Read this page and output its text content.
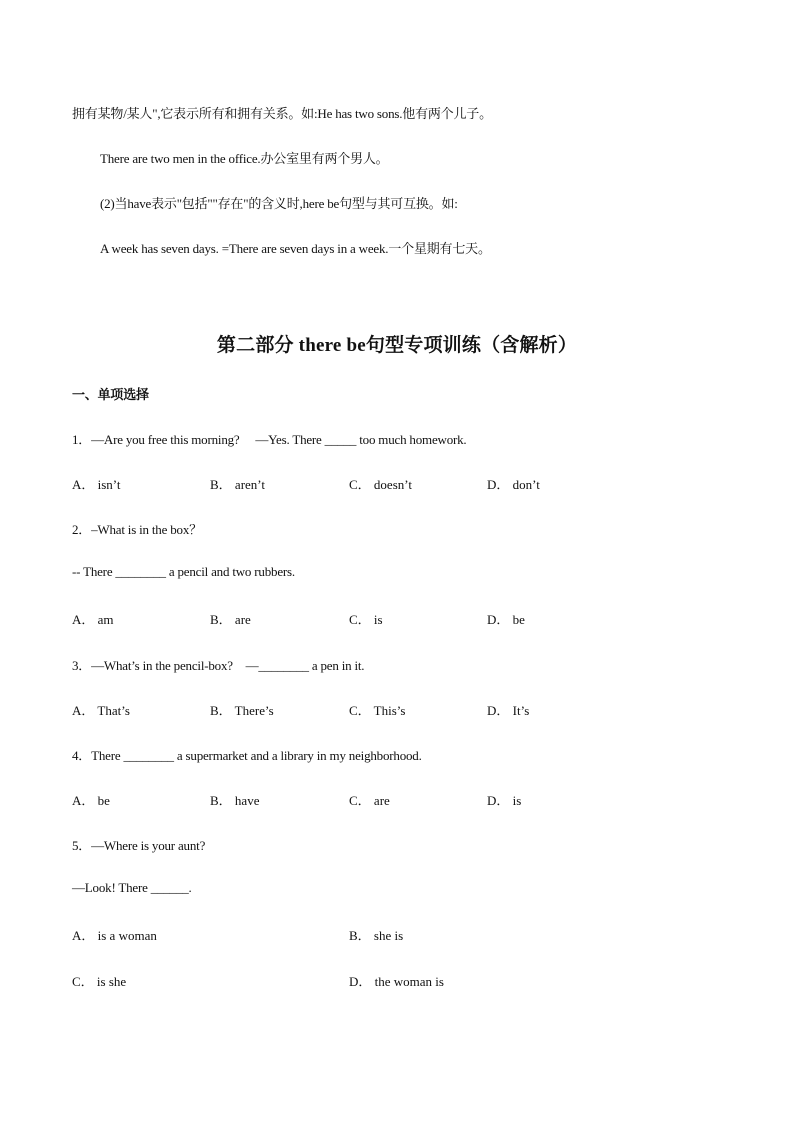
拥有某物/某人",它表示所有和拥有关系。如:He has two sons.他有两个儿子。
There are two men in the office.办公室里有两个男人。
(2)当have表示"包括""存在"的含义时,here be句型与其可互换。如:
A week has seven days. =There are seven days in a week.一个星期有七天。
第二部分 there be句型专项训练（含解析）
一、单项选择
1．—Are you free this morning?　 —Yes. There _____ too much homework.
A． isn’t	B． aren’t	C． doesn’t	D． don’t
2．–What is in the box？
-- There ________ a pencil and two rubbers.
A． am	B． are	C． is	D． be
3．—What’s in the pencil-box?　—________ a pen in it.
A． That’s	B． There’s	C． This’s	D． It’s
4．There ________ a supermarket and a library in my neighborhood.
A． be	B． have	C． are	D． is
5．—Where is your aunt?
—Look! There ______.
A． is a woman	B． she is
C． is she	D． the woman is
